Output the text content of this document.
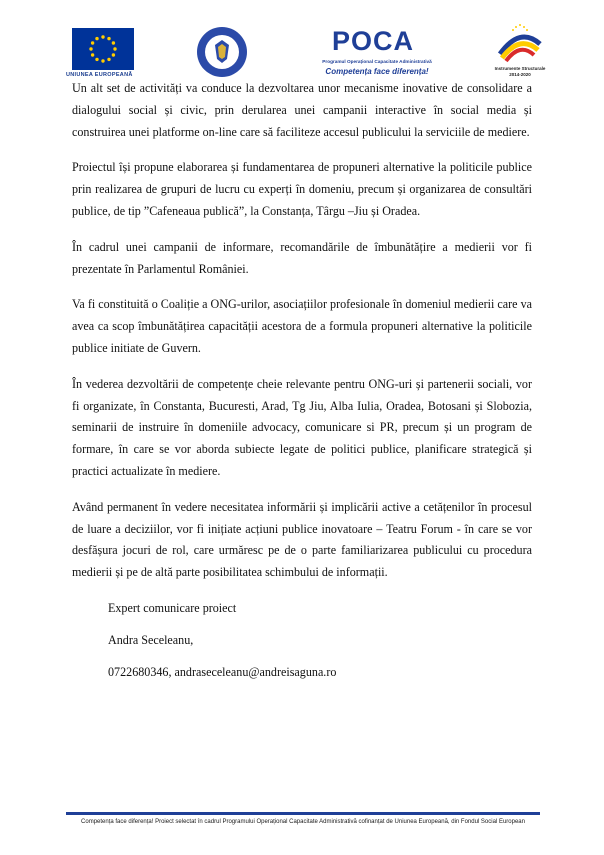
UNIUNEA EUROPEANĂ
POCA
Programul Operațional Capacitate Administrativă
Competența face diferența!	Instrumente Structurale
2014-2020

Un alt set de activități va conduce la dezvoltarea unor mecanisme inovative de consolidare a dialogului social și civic, prin derularea unei campanii interactive în social media și construirea unei platforme on-line care să faciliteze accesul publicului la serviciile de mediere.

Proiectul își propune elaborarea și fundamentarea de propuneri alternative la politicile publice prin realizarea de grupuri de lucru cu experți în domeniu, precum și organizarea de consultări publice, de tip ”Cafeneaua publică”, la Constanța, Târgu –Jiu și Oradea.

În cadrul unei campanii de informare, recomandările de îmbunătățire a medierii vor fi prezentate în Parlamentul României.

Va fi constituită o Coaliție a ONG-urilor, asociațiilor profesionale în domeniul medierii care va avea ca scop îmbunătățirea capacității acestora de a formula propuneri alternative la politicile publice initiate de Guvern.

În vederea dezvoltării de competențe cheie relevante pentru ONG-uri și partenerii sociali, vor fi organizate, în Constanta, Bucuresti, Arad, Tg Jiu, Alba Iulia, Oradea, Botosani și Slobozia, seminarii de instruire în domeniile advocacy, comunicare si PR, precum și un program de formare, în care se vor aborda subiecte legate de politici publice, planificare strategică și practici actualizate în mediere.

Având permanent în vedere necesitatea informării și implicării active a cetățenilor în procesul de luare a deciziilor, vor fi inițiate acțiuni publice inovatoare – Teatru Forum - în care se vor desfășura jocuri de rol, care urmăresc pe de o parte familiarizarea publicului cu procedura medierii și pe de altă parte posibilitatea schimbului de informații.

Expert comunicare proiect

Andra Seceleanu,

0722680346, andraseceleanu@andreisaguna.ro

Competența face diferența! Proiect selectat în cadrul Programului Operațional Capacitate Administrativă cofinanțat de Uniunea Europeană, din Fondul Social European
